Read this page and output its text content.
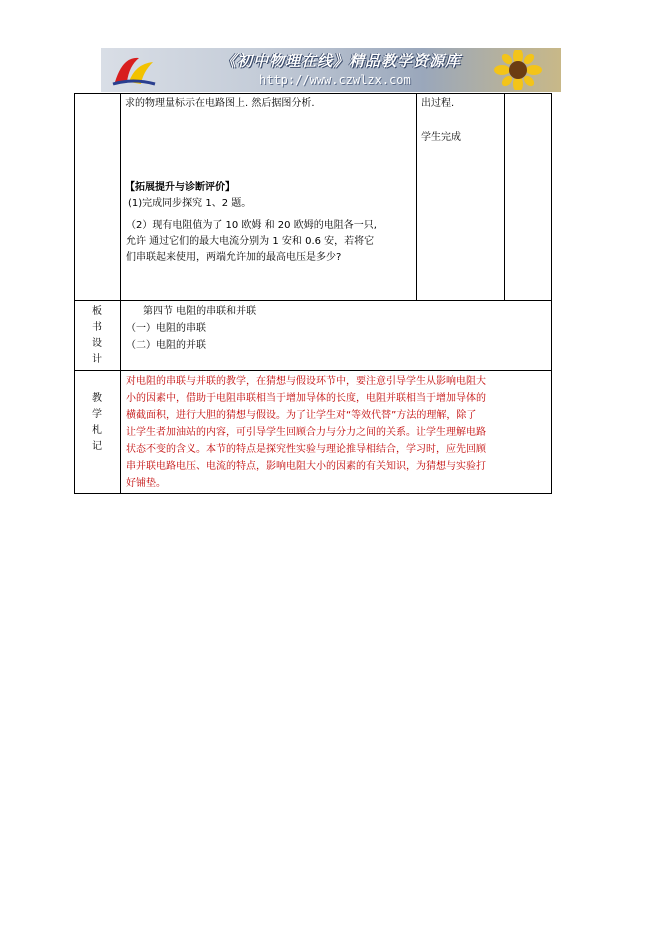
《初中物理在线》精品教学资源库
http://www.czwlzx.com
求的物理量标示在电路图上. 然后据图分析.	出过程.
学生完成
【拓展提升与诊断评价】
(1)完成同步探究 1、2 题。
（2）现有电阻值为了 10 欧姆 和 20 欧姆的电阻各一只,
允许 通过它们的最大电流分别为 1 安和 0.6 安，若将它
们串联起来使用，两端允许加的最高电压是多少?
板
书
设
计
第四节 电阻的串联和并联
（一）电阻的串联
（二）电阻的并联
教
学
札
记
对电阻的串联与并联的教学，在猜想与假设环节中，要注意引导学生从影响电阻大
小的因素中，借助于电阻串联相当于增加导体的长度，电阻并联相当于增加导体的
横截面积，进行大胆的猜想与假设。为了让学生对“等效代替”方法的理解，除了
让学生者加油站的内容，可引导学生回顾合力与分力之间的关系。让学生理解电路
状态不变的含义。本节的特点是探究性实验与理论推导相结合，学习时，应先回顾
串并联电路电压、电流的特点，影响电阻大小的因素的有关知识，为猜想与实验打
好铺垫。
